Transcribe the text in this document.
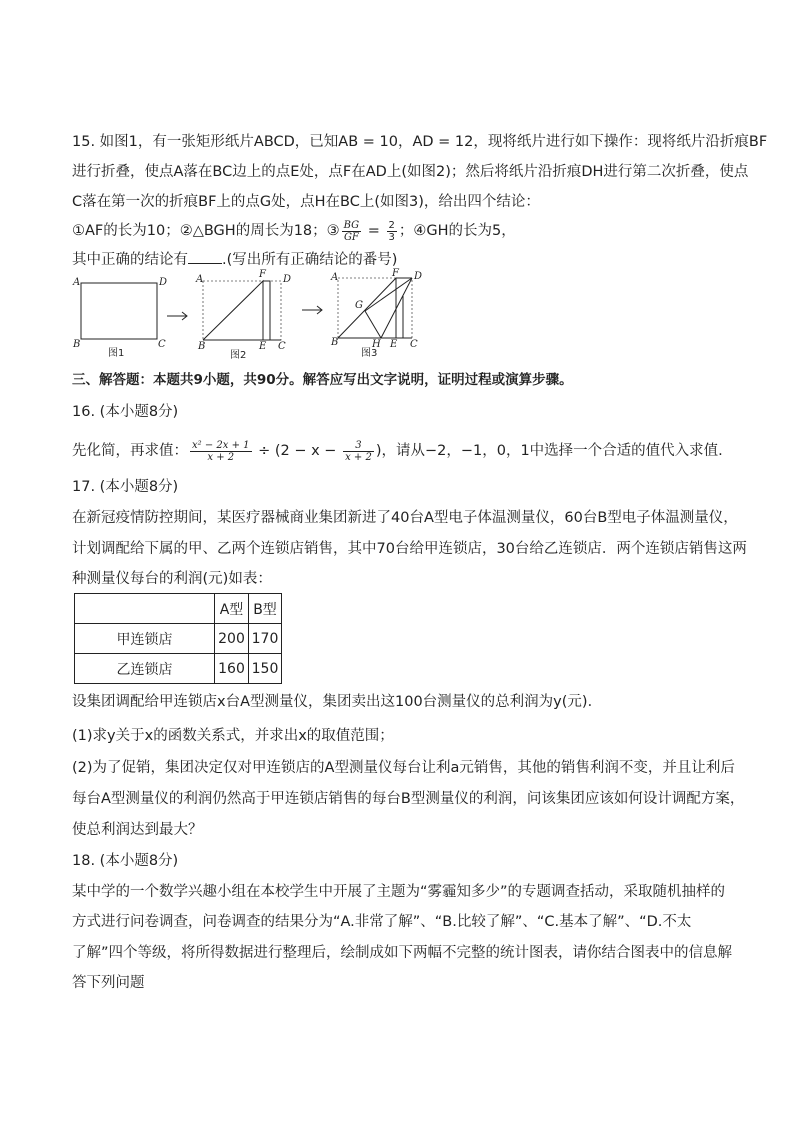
15. 如图1，有一张矩形纸片ABCD，已知AB = 10，AD = 12，现将纸片进行如下操作：现将纸片沿折痕BF
进行折叠，使点A落在BC边上的点E处，点F在AD上(如图2)；然后将纸片沿折痕DH进行第二次折叠，使点
C落在第一次的折痕BF上的点G处，点H在BC上(如图3)，给出四个结论：
①AF的长为10；②△BGH的周长为18；③ $\frac{BG}{GF} = \frac{2}{3}$ ；④GH的长为5，
其中正确的结论有 .(写出所有正确结论的番号)
A	D
B	C
图1
A	F D
B	E C
图2
A	F D
G
B	H E C
图3
三、解答题：本题共9小题，共90分。解答应写出文字说明，证明过程或演算步骤。
16. (本小题8分)
先化简，再求值： $\frac{\text{x² − 2x + 1}}{x + 2} \div (2 - x - \frac{3}{x + 2}$ )，请从−2，−1，0，1中选择一个合适的值代入求值.
17. (本小题8分)
在新冠疫情防控期间，某医疗器械商业集团新进了40台A型电子体温测量仪，60台B型电子体温测量仪，
计划调配给下属的甲、乙两个连锁店销售，其中70台给甲连锁店，30台给乙连锁店．两个连锁店销售这两
种测量仪每台的利润(元)如表：
	A型	B型
甲连锁店	200	170
乙连锁店	160	150
设集团调配给甲连锁店x台A型测量仪，集团卖出这100台测量仪的总利润为y(元)．
(1)求y关于x的函数关系式，并求出x的取值范围；
(2)为了促销，集团决定仅对甲连锁店的A型测量仪每台让利a元销售，其他的销售利润不变，并且让利后
每台A型测量仪的利润仍然高于甲连锁店销售的每台B型测量仪的利润，问该集团应该如何设计调配方案，
使总利润达到最大？
18. (本小题8分)
某中学的一个数学兴趣小组在本校学生中开展了主题为“雾霾知多少”的专题调查括动，采取随机抽样的
方式进行问卷调查，问卷调查的结果分为“A.非常了解”、“B.比较了解”、“C.基本了解”、“D.不太
了解”四个等级，将所得数据进行整理后，绘制成如下两幅不完整的统计图表，请你结合图表中的信息解
答下列问题
